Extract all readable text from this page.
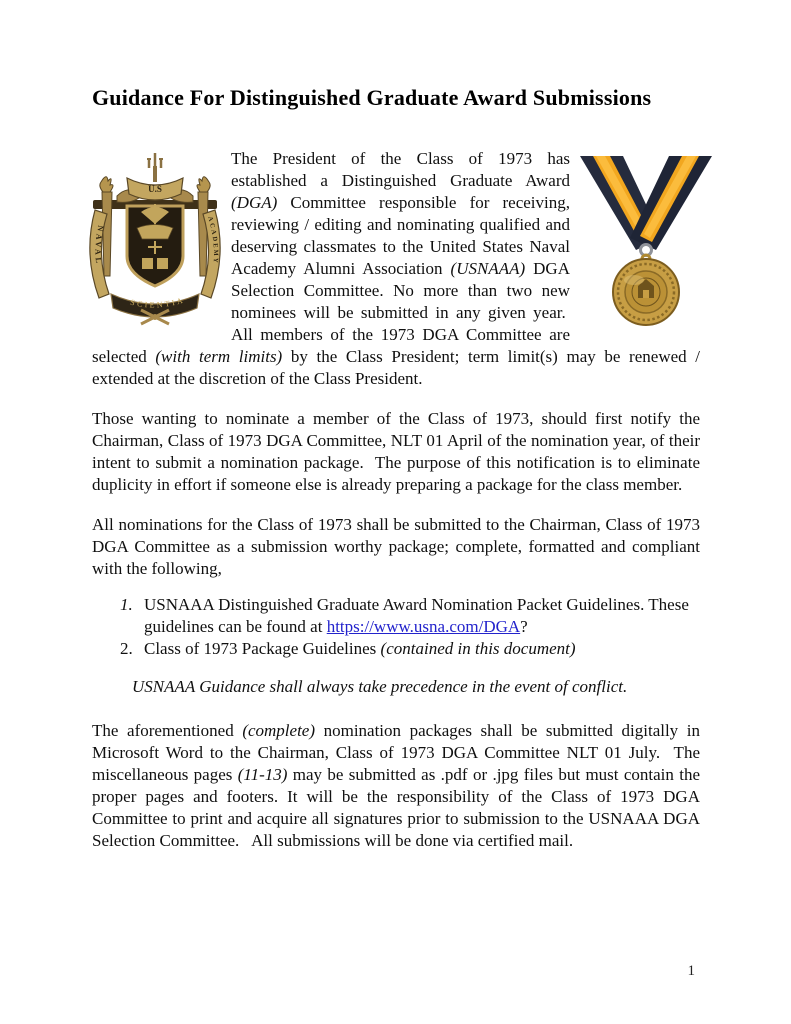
Guidance For Distinguished Graduate Award Submissions
U.S
NAVAL
ACADEMY
SCIENTIA
The President of the Class of 1973 has established a Distinguished Graduate Award (DGA) Committee responsible for receiving, reviewing / editing and nominating qualified and deserving classmates to the United States Naval Academy Alumni Association (USNAAA) DGA Selection Committee. No more than two new nominees will be submitted in any given year.  All members of the 1973 DGA Committee are selected (with term limits) by the Class President; term limit(s) may be renewed / extended at the discretion of the Class President.

Those wanting to nominate a member of the Class of 1973, should first notify the Chairman, Class of 1973 DGA Committee, NLT 01 April of the nomination year, of their intent to submit a nomination package.  The purpose of this notification is to eliminate duplicity in effort if someone else is already preparing a package for the class member.

All nominations for the Class of 1973 shall be submitted to the Chairman, Class of 1973 DGA Committee as a submission worthy package; complete, formatted and compliant with the following,

1. USNAAA Distinguished Graduate Award Nomination Packet Guidelines. These guidelines can be found at https://www.usna.com/DGA?
2. Class of 1973 Package Guidelines (contained in this document)

USNAAA Guidance shall always take precedence in the event of conflict.

The aforementioned (complete) nomination packages shall be submitted digitally in Microsoft Word to the Chairman, Class of 1973 DGA Committee NLT 01 July.  The miscellaneous pages (11-13) may be submitted as .pdf or .jpg files but must contain the proper pages and footers. It will be the responsibility of the Class of 1973 DGA Committee to print and acquire all signatures prior to submission to the USNAAA DGA Selection Committee.   All submissions will be done via certified mail.

1
